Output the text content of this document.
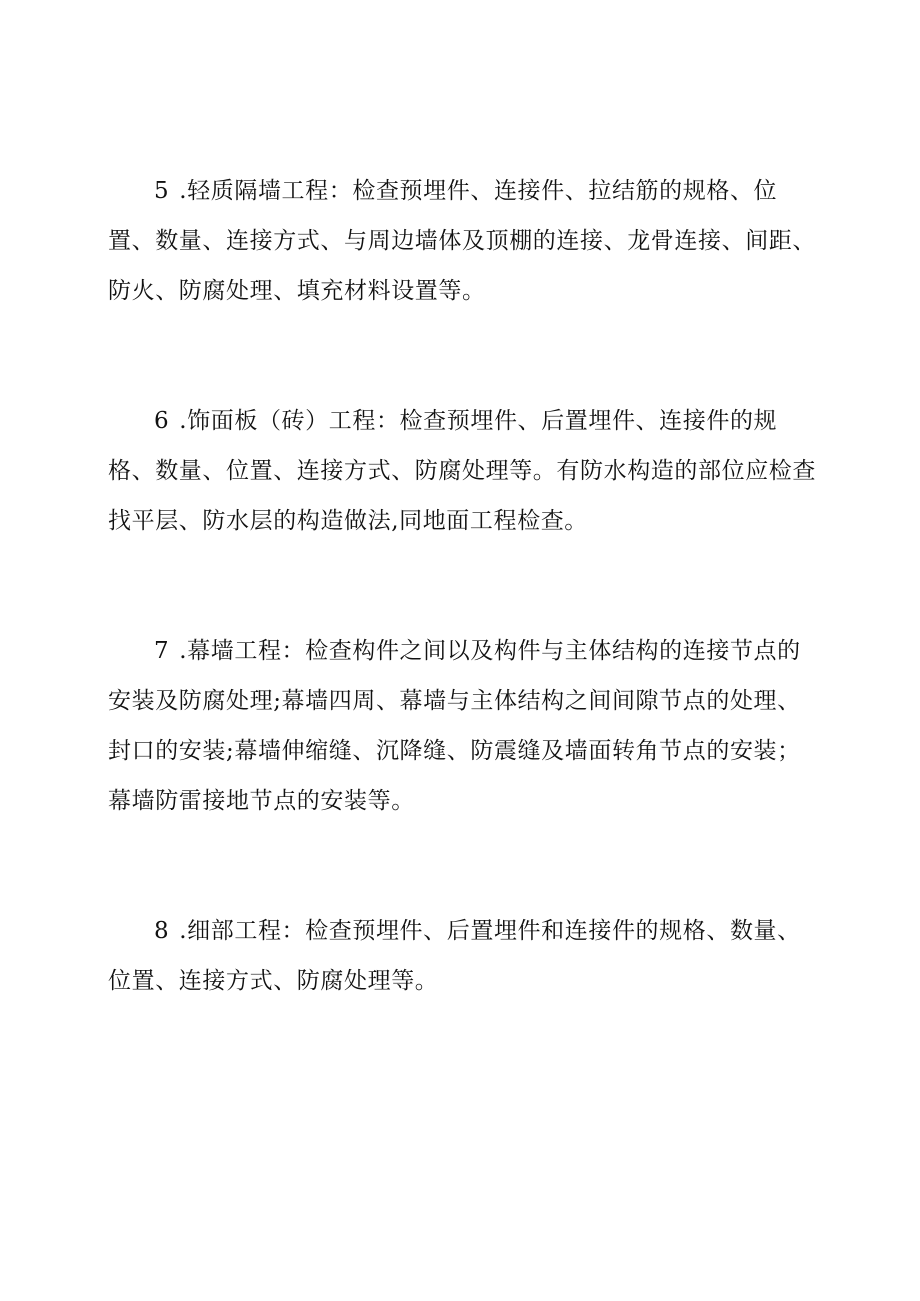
5 .轻质隔墙工程：检查预埋件、连接件、拉结筋的规格、位置、数量、连接方式、与周边墙体及顶棚的连接、龙骨连接、间距、防火、防腐处理、填充材料设置等。

6 .饰面板（砖）工程：检查预埋件、后置埋件、连接件的规格、数量、位置、连接方式、防腐处理等。有防水构造的部位应检查找平层、防水层的构造做法,同地面工程检查。

7 .幕墙工程：检查构件之间以及构件与主体结构的连接节点的安装及防腐处理;幕墙四周、幕墙与主体结构之间间隙节点的处理、封口的安装;幕墙伸缩缝、沉降缝、防震缝及墙面转角节点的安装；幕墙防雷接地节点的安装等。

8 .细部工程：检查预埋件、后置埋件和连接件的规格、数量、位置、连接方式、防腐处理等。
